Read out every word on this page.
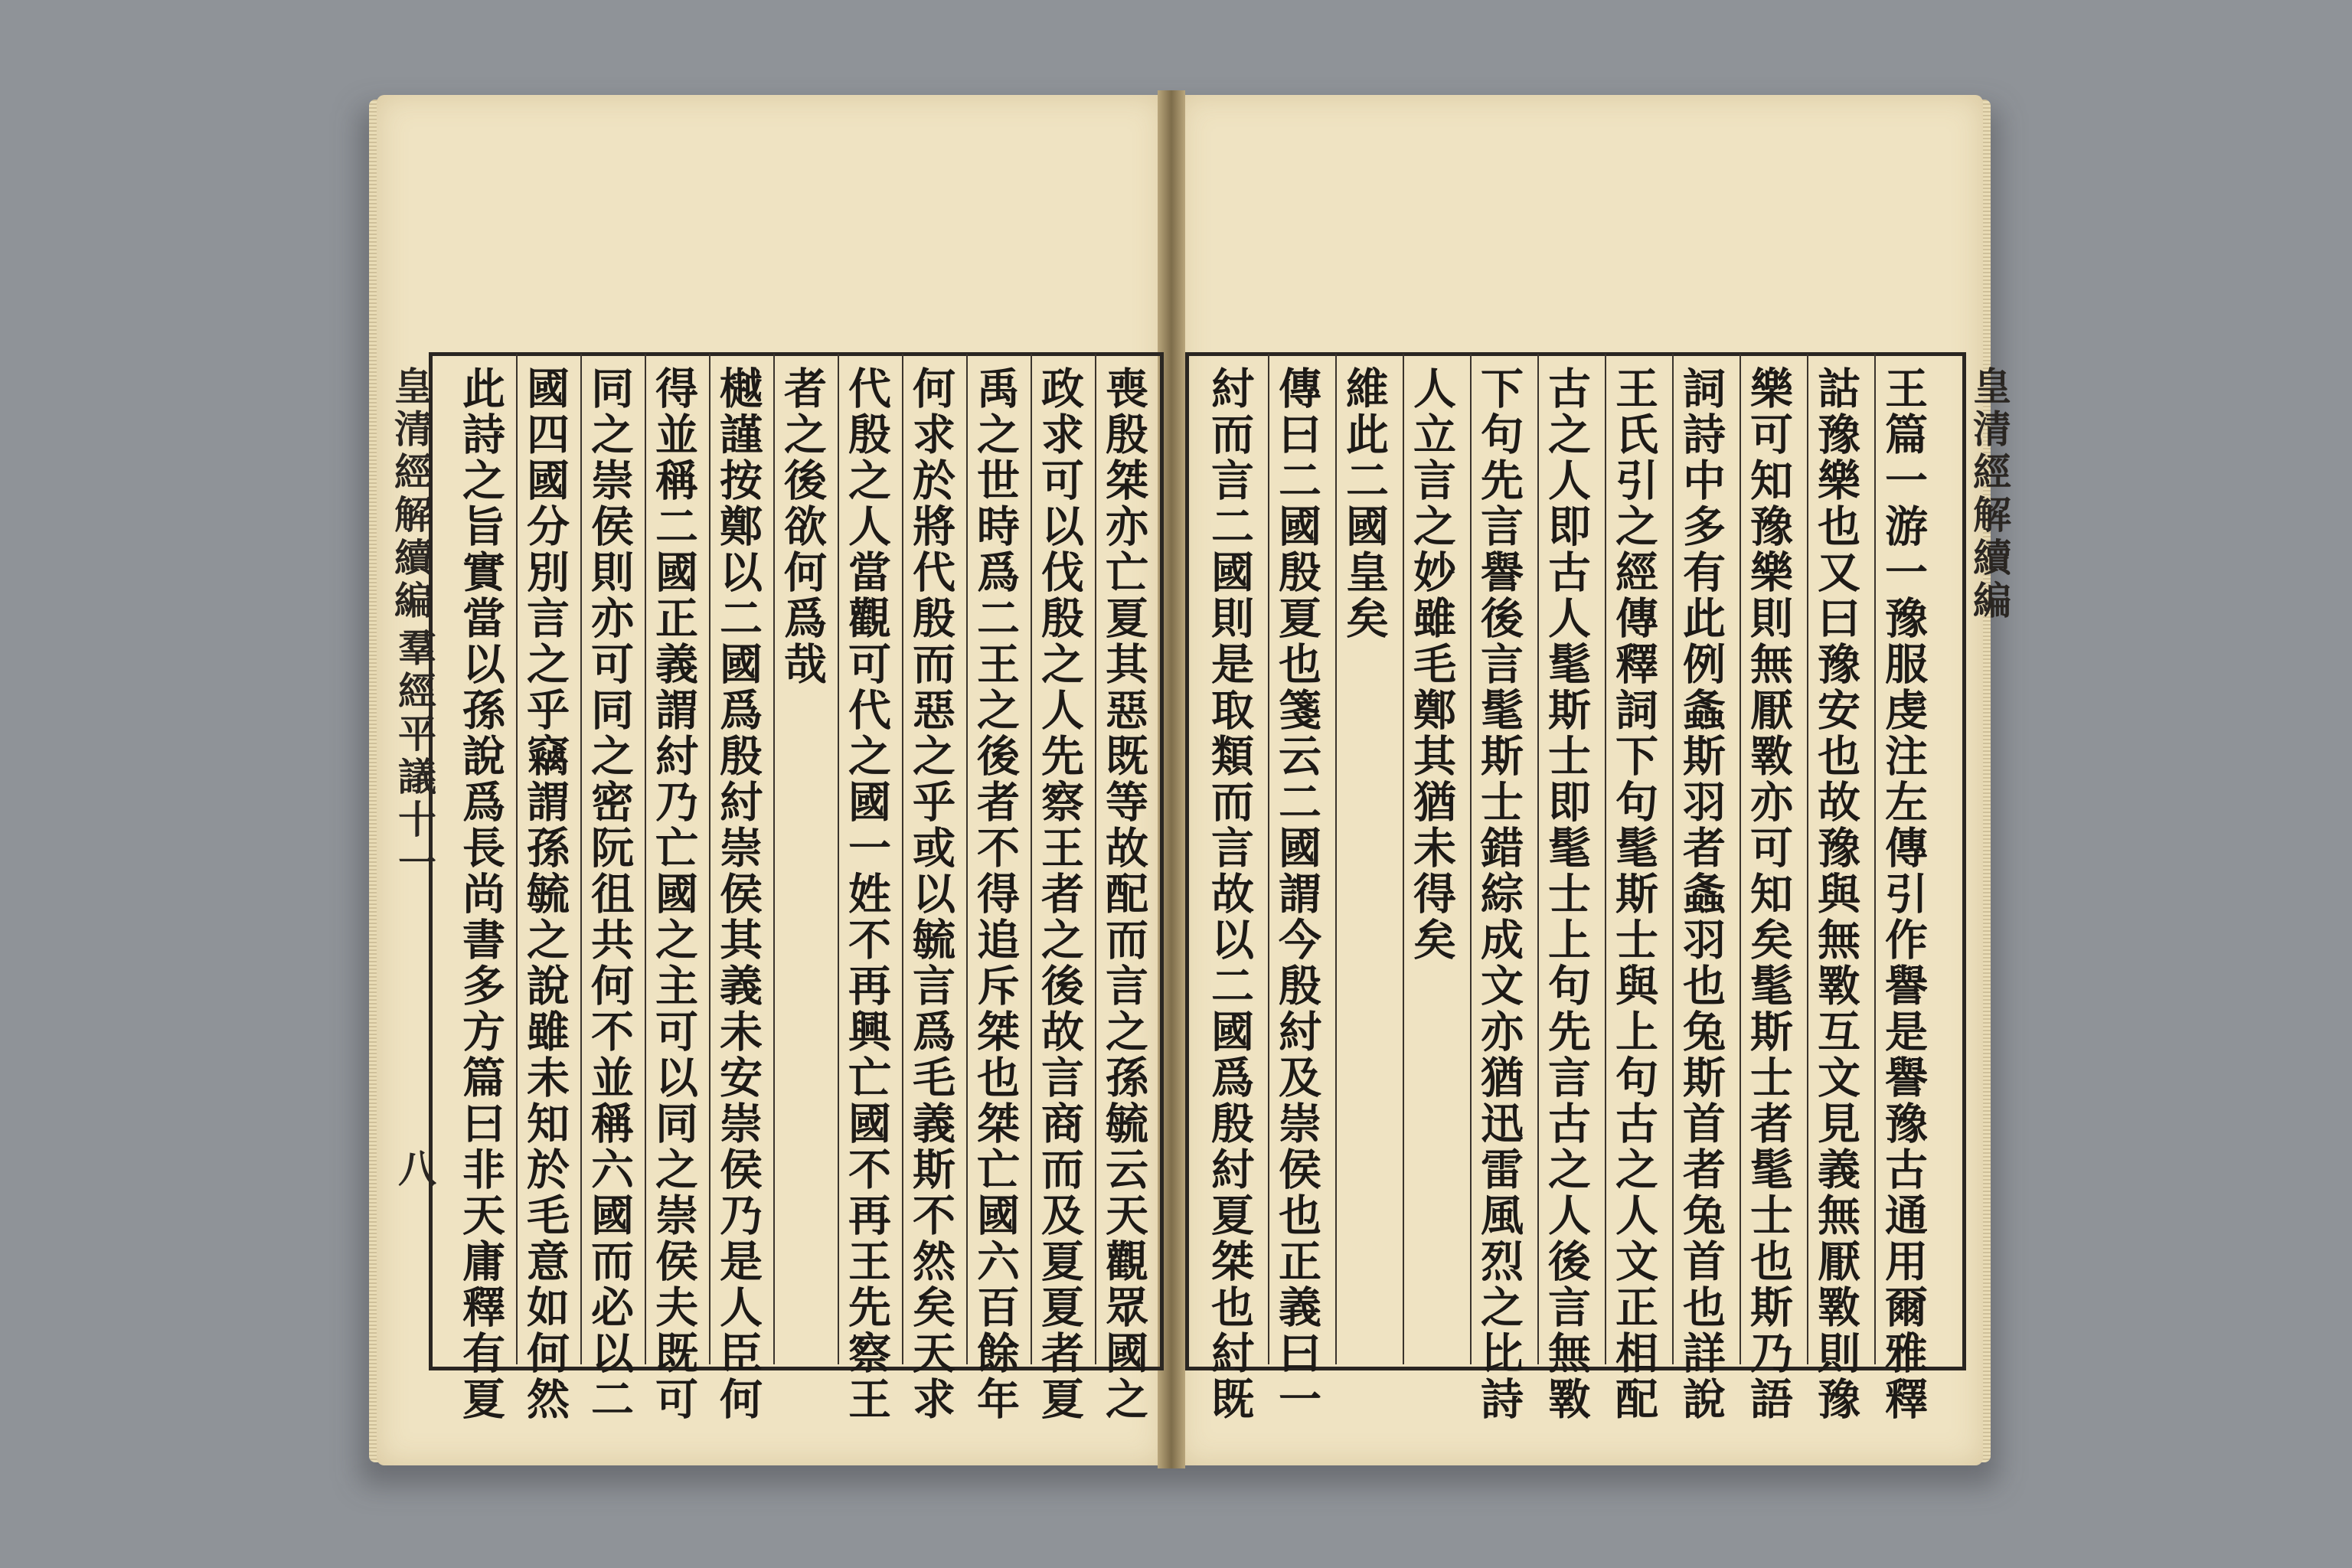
皇清經解續編
羣經平議十一
八
皇清經解續編
喪殷桀亦亡夏其惡既等故配而言之孫毓云天觀眾國之
政求可以伐殷之人先察王者之後故言商而及夏夏者夏
禹之世時爲二王之後者不得追斥桀也桀亡國六百餘年
何求於將代殷而惡之乎或以毓言爲毛義斯不然矣天求
代殷之人當觀可代之國一姓不再興亡國不再王先察王
者之後欲何爲哉
樾謹按鄭以二國爲殷紂崇侯其義未安崇侯乃是人臣何
得並稱二國正義謂紂乃亡國之主可以同之崇侯夫既可
同之崇侯則亦可同之密阮徂共何不並稱六國而必以二
國四國分別言之乎竊謂孫毓之說雖未知於毛意如何然
此詩之旨實當以孫說爲長尚書多方篇曰非天庸釋有夏	王篇一游一豫服虔注左傳引作譽是譽豫古通用爾雅釋
詁豫樂也又曰豫安也故豫與無斁互文見義無厭斁則豫
樂可知豫樂則無厭斁亦可知矣髦斯士者髦士也斯乃語
詞詩中多有此例螽斯羽者螽羽也兔斯首者兔首也詳說
王氏引之經傳釋詞下句髦斯士與上句古之人文正相配
古之人即古人髦斯士即髦士上句先言古之人後言無斁
下句先言譽後言髦斯士錯綜成文亦猶迅雷風烈之比詩
人立言之妙雖毛鄭其猶未得矣
維此二國皇矣
傳曰二國殷夏也箋云二國謂今殷紂及崇侯也正義曰一
紂而言二國則是取類而言故以二國爲殷紂夏桀也紂既
